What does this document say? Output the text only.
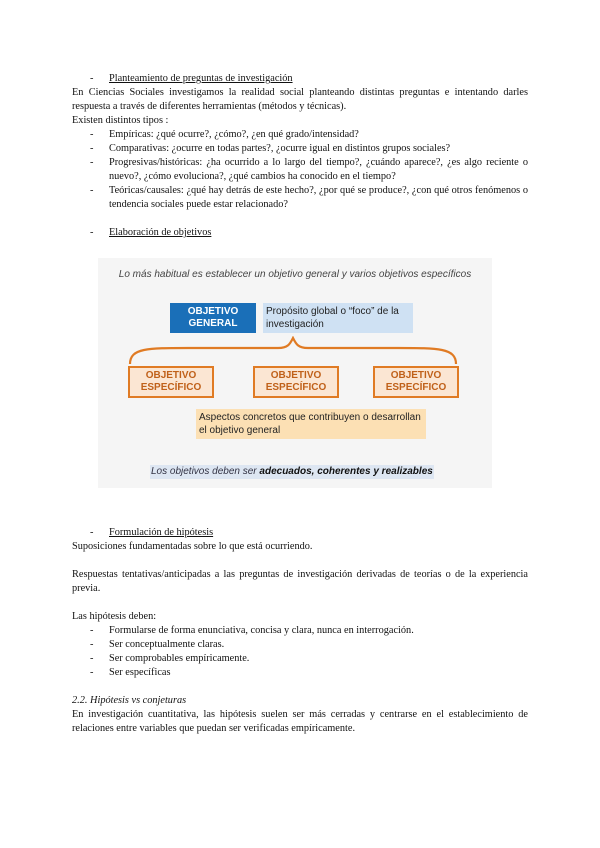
- Planteamiento de preguntas de investigación
En Ciencias Sociales investigamos la realidad social planteando distintas preguntas e intentando darles respuesta a través de diferentes herramientas (métodos y técnicas).
Existen distintos tipos :
- Empíricas: ¿qué ocurre?, ¿cómo?, ¿en qué grado/intensidad?
- Comparativas: ¿ocurre en todas partes?, ¿ocurre igual en distintos grupos sociales?
- Progresivas/históricas: ¿ha ocurrido a lo largo del tiempo?, ¿cuándo aparece?, ¿es algo reciente o nuevo?, ¿cómo evoluciona?, ¿qué cambios ha conocido en el tiempo?
- Teóricas/causales: ¿qué hay detrás de este hecho?, ¿por qué se produce?, ¿con qué otros fenómenos o tendencia sociales puede estar relacionado?
- Elaboración de objetivos
Lo más habitual es establecer un objetivo general y varios objetivos específicos
OBJETIVO
GENERAL
Propósito global o “foco” de la investigación
OBJETIVO
ESPECÍFICO
OBJETIVO
ESPECÍFICO
OBJETIVO
ESPECÍFICO
Aspectos concretos que contribuyen o desarrollan el objetivo general
Los objetivos deben ser adecuados, coherentes y realizables
- Formulación de hipótesis
Suposiciones fundamentadas sobre lo que está ocurriendo.
Respuestas tentativas/anticipadas a las preguntas de investigación derivadas de teorías o de la experiencia previa.
Las hipótesis deben:
- Formularse de forma enunciativa, concisa y clara, nunca en interrogación.
- Ser conceptualmente claras.
- Ser comprobables empíricamente.
- Ser específicas
2.2. Hipótesis vs conjeturas
En investigación cuantitativa, las hipótesis suelen ser más cerradas y centrarse en el establecimiento de relaciones entre variables que puedan ser verificadas empíricamente.
